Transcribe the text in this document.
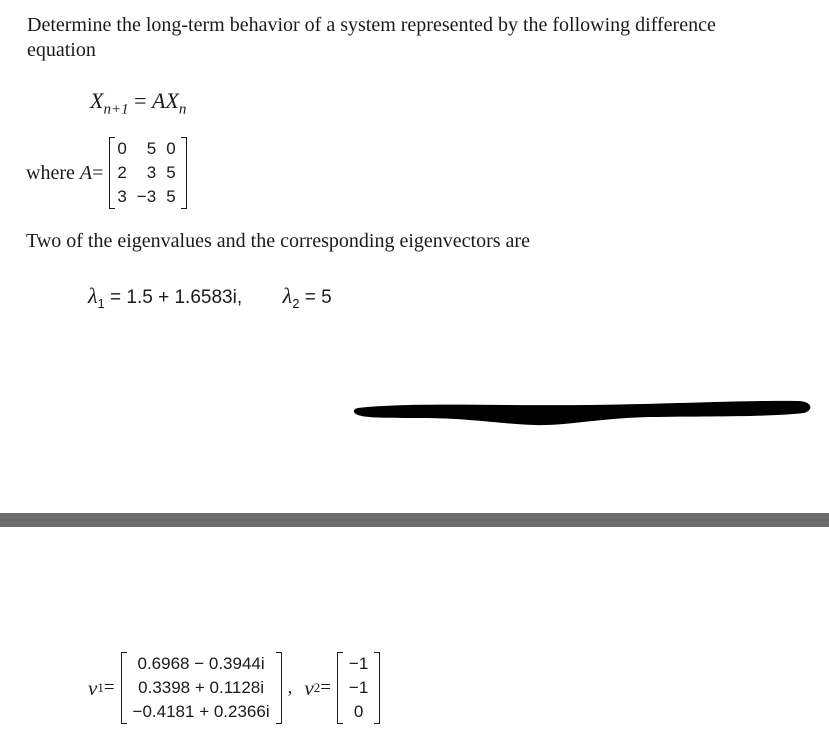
Determine the long-term behavior of a system represented by the following difference
equation
$X_{n+1} = AX_n$
where
A =
0	5	0
2	3	5
3	−3	5
Two of the eigenvalues and the corresponding eigenvectors are
$\lambda_1 = 1.5 + 1.6583i$, $\lambda_2 = 5$
v 1 =
0.6968 − 0.3944i
0.3398 + 0.1128i
−0.4181 + 0.2366i
, v 2 =
−1
−1
0
